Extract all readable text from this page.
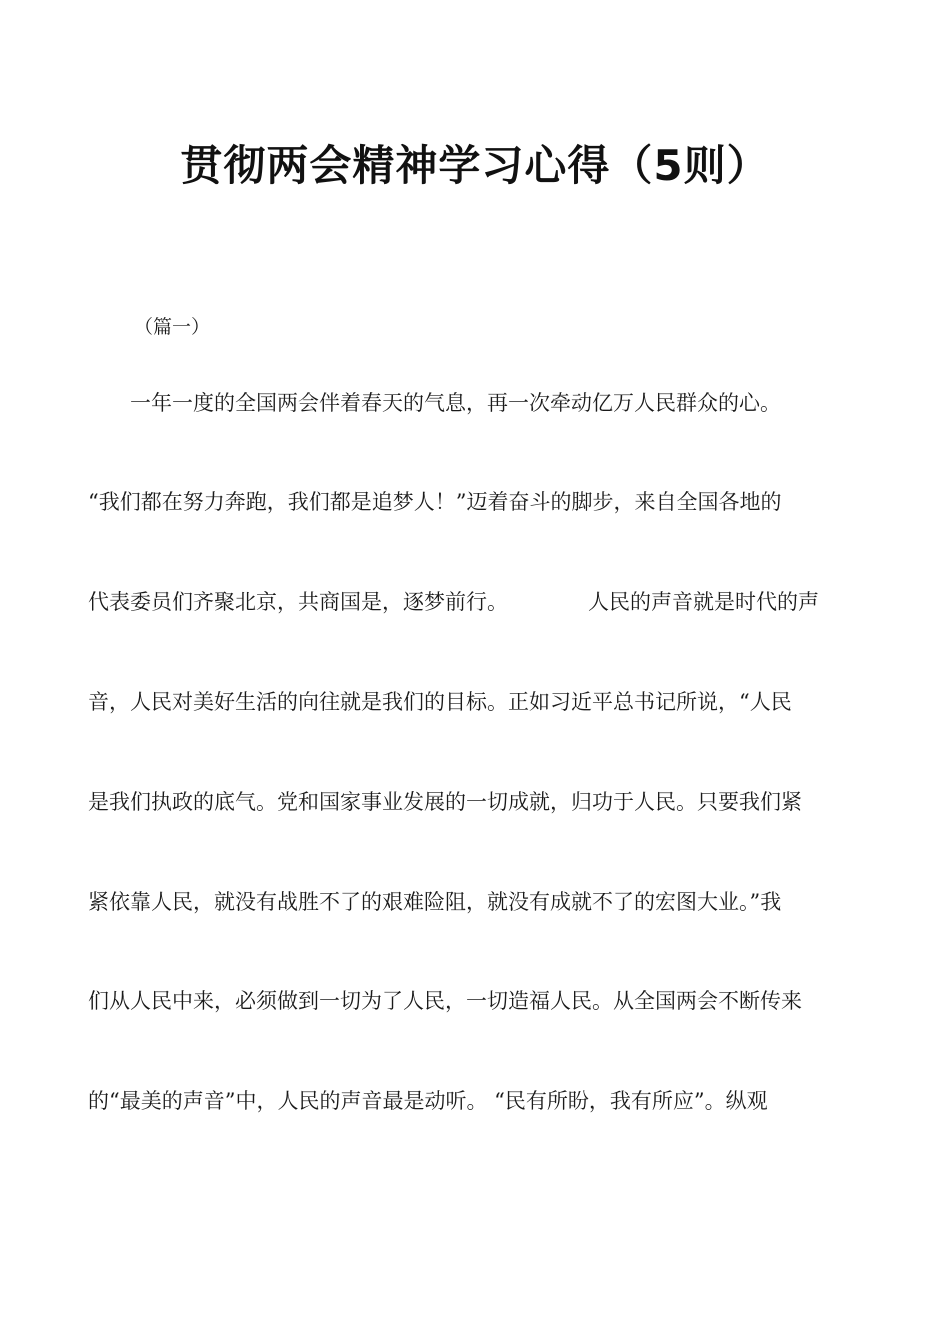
贯彻两会精神学习心得（5则）
（篇一）
一年一度的全国两会伴着春天的气息，再一次牵动亿万人民群众的心。
“我们都在努力奔跑，我们都是追梦人！”迈着奋斗的脚步，来自全国各地的
代表委员们齐聚北京，共商国是，逐梦前行。	人民的声音就是时代的声
音，人民对美好生活的向往就是我们的目标。正如习近平总书记所说，“人民
是我们执政的底气。党和国家事业发展的一切成就，归功于人民。只要我们紧
紧依靠人民，就没有战胜不了的艰难险阻，就没有成就不了的宏图大业。”我
们从人民中来，必须做到一切为了人民，一切造福人民。从全国两会不断传来
的“最美的声音”中，人民的声音最是动听。 “民有所盼，我有所应”。纵观
